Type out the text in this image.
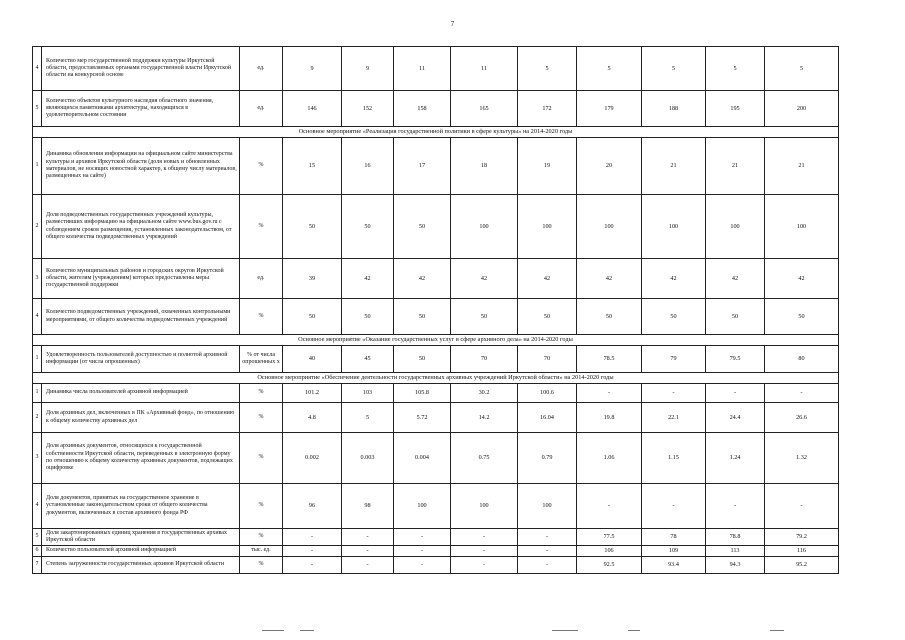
7
4	Количество мер государственной поддержки культуры Иркутской области, предоставляемых органами государственной власти Иркутской области на конкурсной основе	ед.	9	9	11	11	5	5	5	5	5
5	Количество объектов культурного наследия областного значения, являющихся памятниками архитектуры, находящихся в удовлетворительном состоянии	ед.	146	152	158	165	172	179	188	195	200
Основное мероприятие «Реализация государственной политики в сфере культуры» на 2014-2020 годы											
1	Динамика обновления информации на официальном сайте министерства культуры и архивов Иркутской области (доля новых и обновленных материалов, не носящих новостной характер, к общему числу материалов, размещенных на сайте)	%	15	16	17	18	19	20	21	21	21
2	Доля подведомственных государственных учреждений культуры, разместивших информацию на официальном сайте www.bus.gov.ru с соблюдением сроков размещения, установленных законодательством, от общего количества подведомственных учреждений	%	50	50	50	100	100	100	100	100	100
3	Количество муниципальных районов и городских округов Иркутской области, жителям (учреждениям) которых предоставлены меры государственной поддержки	ед.	39	42	42	42	42	42	42	42	42
4	Количество подведомственных учреждений, охваченных контрольными мероприятиями, от общего количества подведомственных учреждений	%	50	50	50	50	50	50	50	50	50
Основное мероприятие «Оказание государственных услуг в сфере архивного дела» на 2014-2020 годы											
1	Удовлетворенность пользователей доступностью и полнотой архивной информации (от числа опрошенных)	% от числа опрошенных х	40	45	50	70	70	78.5	79	79.5	80
Основное мероприятие «Обеспечение деятельности государственных архивных учреждений Иркутской области» на 2014-2020 годы											
1	Динамика числа пользователей архивной информацией	%	101.2	103	105.8	30.2	100.6	-	-	-	-
2	Доля архивных дел, включенных в ПК «Архивный фонд», по отношению к общему количеству архивных дел	%	4.8	5	5.72	14.2	16.04	19.8	22.1	24.4	26.6
3	Доля архивных документов, относящихся к государственной собственности Иркутской области, переведенных в электронную форму по отношению к общему количеству архивных документов, подлежащих оцифровке	%	0.002	0.003	0.004	0.75	0.79	1.06	1.15	1.24	1.32
4	Доля документов, принятых на государственное хранение в установленные законодательством сроки от общего количества документов, включенных в состав архивного фонда РФ	%	96	98	100	100	100	-	-	-	-
5	Доля закартонированных единиц хранения в государственных архивах Иркутской области	%	-	-	-	-	-	77.5	78	78.8	79.2
6	Количество пользователей архивной информацией	тыс. ед.	-	-	-	-	-	106	109	113	116
7	Степень загруженности государственных архивов Иркутской области	%	-	-	-	-	-	92.5	93.4	94.3	95.2
